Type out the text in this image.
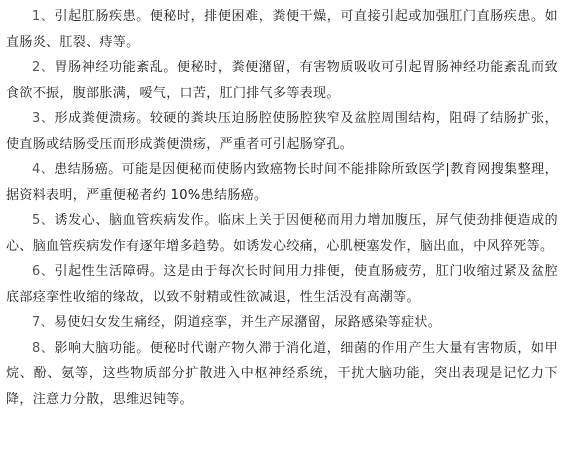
1、引起肛肠疾患。便秘时，排便困难，粪便干燥，可直接引起或加强肛门直肠疾患。如直肠炎、肛裂、痔等。

2、胃肠神经功能紊乱。便秘时，粪便潴留，有害物质吸收可引起胃肠神经功能紊乱而致食欲不振，腹部胀满，嗳气，口苦，肛门排气多等表现。

3、形成粪便溃疡。较硬的粪块压迫肠腔使肠腔狭窄及盆腔周围结构，阻碍了结肠扩张，使直肠或结肠受压而形成粪便溃疡，严重者可引起肠穿孔。

4、患结肠癌。可能是因便秘而使肠内致癌物长时间不能排除所致医学|教育网搜集整理，据资料表明，严重便秘者约 10%患结肠癌。

5、诱发心、脑血管疾病发作。临床上关于因便秘而用力增加腹压，屏气使劲排便造成的心、脑血管疾病发作有逐年增多趋势。如诱发心绞痛，心肌梗塞发作，脑出血，中风猝死等。

6、引起性生活障碍。这是由于每次长时间用力排便，使直肠疲劳，肛门收缩过紧及盆腔底部痉挛性收缩的缘故，以致不射精或性欲减退，性生活没有高潮等。

7、易使妇女发生痛经，阴道痉挛，并生产尿潴留，尿路感染等症状。

8、影响大脑功能。便秘时代谢产物久滞于消化道，细菌的作用产生大量有害物质，如甲烷、酚、氨等，这些物质部分扩散进入中枢神经系统，干扰大脑功能，突出表现是记忆力下降，注意力分散，思维迟钝等。
